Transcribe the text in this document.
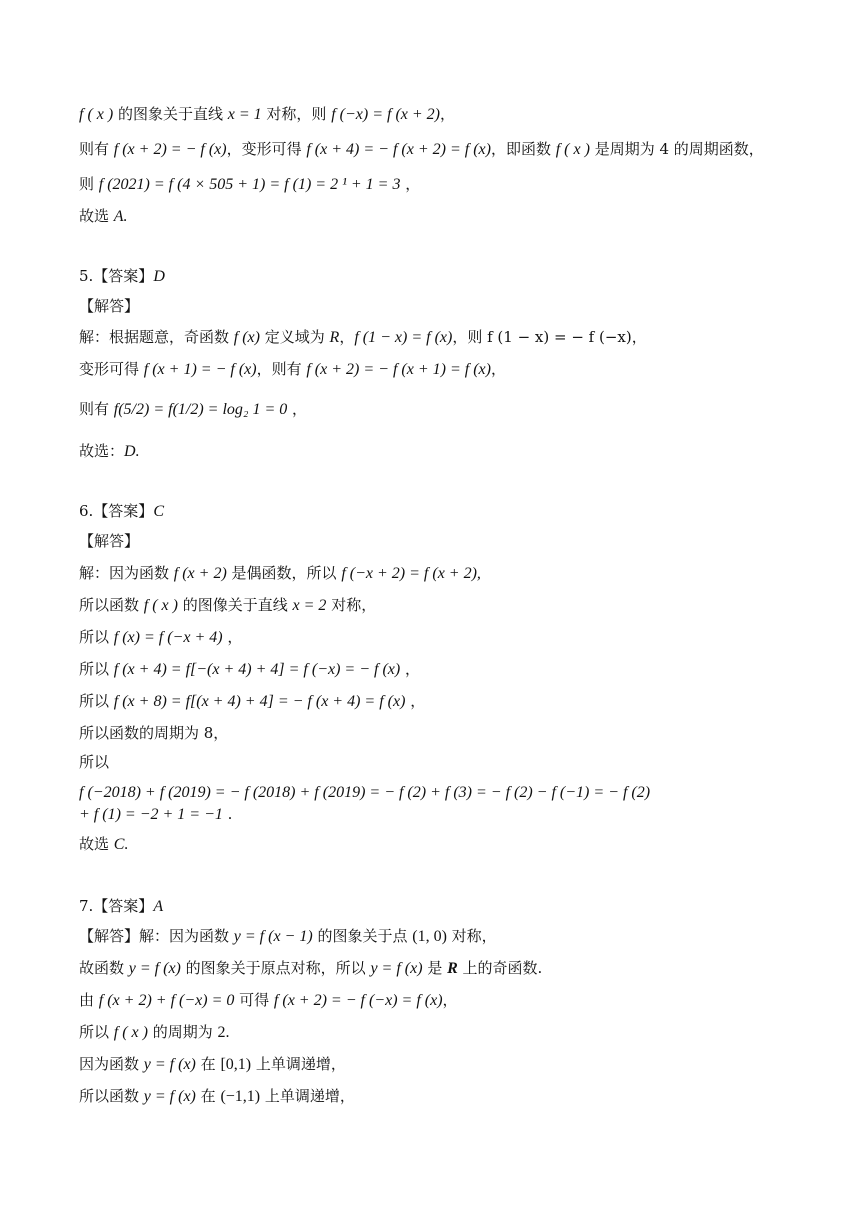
f ( x ) 的图象关于直线 x = 1 对称，则 f (−x) = f (x + 2)，
则有 f (x + 2) = − f (x)，变形可得 f (x + 4) = − f (x + 2) = f (x)，即函数 f ( x ) 是周期为 4 的周期函数，
则 f (2021) = f (4 × 505 + 1) = f (1) = 2 ¹ + 1 = 3 ，
故选 A.
5.【答案】D
【解答】
解：根据题意，奇函数 f (x) 定义域为 R，f (1 − x) = f (x)，则 f (1 − x) = − f (−x)，
变形可得 f (x + 1) = − f (x)，则有 f (x + 2) = − f (x + 1) = f (x)，
则有 f(5/2) = f(1/2) = log₂ 1 = 0 ，
故选：D.
6.【答案】C
【解答】
解：因为函数 f (x + 2) 是偶函数，所以 f (−x + 2) = f (x + 2),
所以函数 f ( x ) 的图像关于直线 x = 2 对称，
所以 f (x) = f (−x + 4) ，
所以 f (x + 4) = f[−(x + 4) + 4] = f (−x) = − f (x) ，
所以 f (x + 8) = f[(x + 4) + 4] = − f (x + 4) = f (x) ，
所以函数的周期为 8，
所以
f (−2018) + f (2019) = − f (2018) + f (2019) = − f (2) + f (3) = − f (2) − f (−1) = − f (2)
+ f (1) = −2 + 1 = −1 .
故选 C.
7.【答案】A
【解答】解：因为函数 y = f (x − 1) 的图象关于点 (1, 0) 对称，
故函数 y = f (x) 的图象关于原点对称，所以 y = f (x) 是 R 上的奇函数.
由 f (x + 2) + f (−x) = 0 可得 f (x + 2) = − f (−x) = f (x)，
所以 f ( x ) 的周期为 2.
因为函数 y = f (x) 在 [0,1) 上单调递增，
所以函数 y = f (x) 在 (−1,1) 上单调递增，
